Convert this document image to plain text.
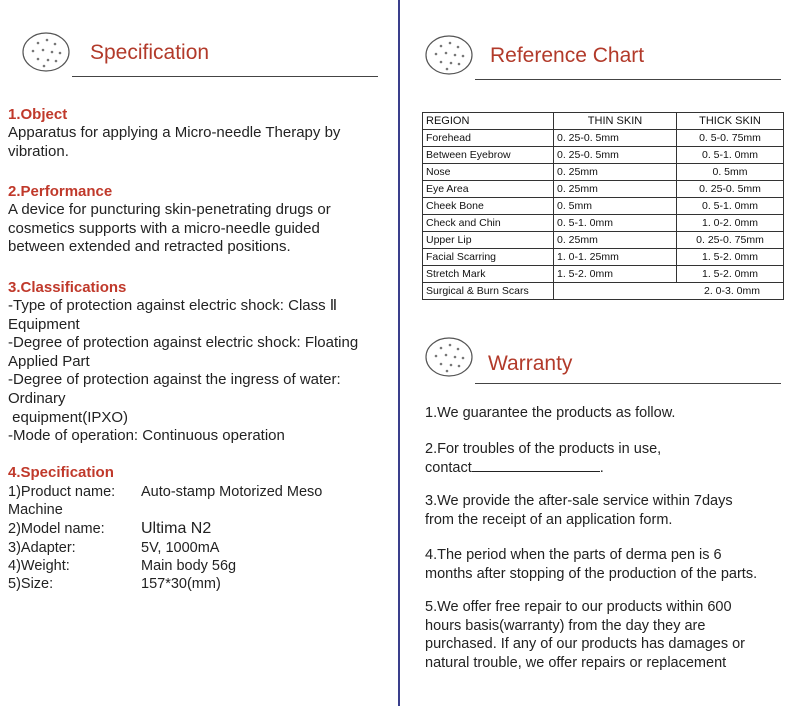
Specification
1.Object
Apparatus for applying a Micro-needle Therapy by
vibration.
2.Performance
A device for puncturing skin-penetrating drugs or
cosmetics supports with a micro-needle guided
between extended and retracted positions.
3.Classifications
-Type of protection against electric shock: Class Ⅱ
Equipment
-Degree of protection against electric shock: Floating
Applied Part
-Degree of protection against the ingress of water:
Ordinary
equipment(IPXO)
-Mode of operation: Continuous operation
4.Specification
1)Product name: Auto-stamp Motorized Meso
Machine
2)Model name: Ultima N2
3)Adapter:	5V, 1000mA
4)Weight:	Main body 56g
5)Size:	157*30(mm)
Reference Chart
REGION	THIN SKIN	THICK SKIN
Forehead	0. 25-0. 5mm	0. 5-0. 75mm
Between Eyebrow	0. 25-0. 5mm	0. 5-1. 0mm
Nose	0. 25mm	0. 5mm
Eye Area	0. 25mm	0. 25-0. 5mm
Cheek Bone	0. 5mm	0. 5-1. 0mm
Check and Chin	0. 5-1. 0mm	1. 0-2. 0mm
Upper Lip	0. 25mm	0. 25-0. 75mm
Facial Scarring	1. 0-1. 25mm	1. 5-2. 0mm
Stretch Mark	1. 5-2. 0mm	1. 5-2. 0mm
Surgical & Burn Scars	2. 0-3. 0mm	
Warranty
1.We guarantee the products as follow.
2.For troubles of the products in use,
contact	.
3.We provide the after-sale service within 7days
from the receipt of an application form.
4.The period when the parts of derma pen is 6
months after stopping of the production of the parts.
5.We offer free repair to our products within 600
hours basis(warranty) from the day they are
purchased. If any of our products has damages or
natural trouble, we offer repairs or replacement
